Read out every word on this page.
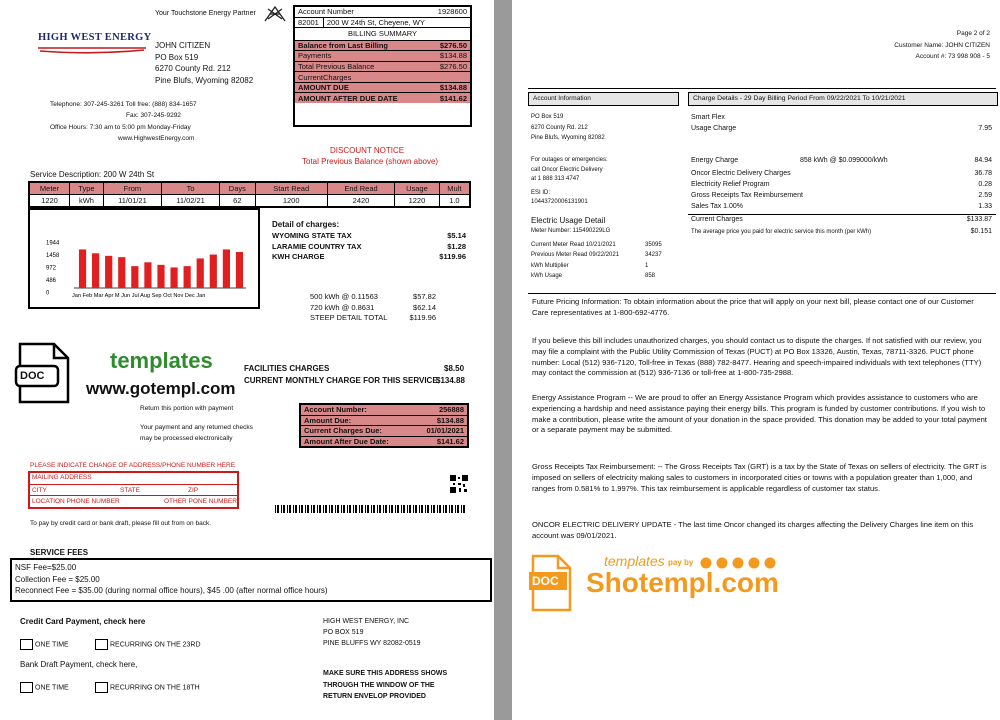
Your Touchstone Energy Partner
HIGH WEST ENERGY
JOHN CITIZEN
PO Box 519
6270 County Rd. 212
Pine Blufs, Wyoming 82082
Telephone: 307-245-3261 Toll free: (888) 834-1657
Fax: 307-245-9292
Office Hours: 7:30 am to 5:00 pm Monday-Friday
www.HighwestEnergy.com
Account Number	1928600
82001 200 W 24th St, Cheyene, WY	
BILLING SUMMARY	
Balance from Last Billing	$276.50
Payments	$134.88
Total Previous Balance	$276.50
CurrentCharges	
AMOUNT DUE	$134.88
AMOUNT AFTER DUE DATE	$141.62
DISCOUNT NOTICE
Total Previous Balance (shown above)
Service Description: 200 W 24th St
Meter	Type	From	To	Days	Start Read	End Read	Usage	Mult
1220	kWh	11/01/21	11/02/21	62	1200	2420	1220	1.0
1944
1458
972
486
0	Jan Feb Mar Apr M Jun Jul Aug Sep Oct Nov Dec Jan
Detail of charges:
WYOMING STATE TAX	$5.14
LARAMIE COUNTRY TAX	$1.28
KWH CHARGE	$119.96
500 kWh @ 0.11563	$57.82
720 kWh @ 0.8631	$62.14
STEEP DETAIL TOTAL	$119.96
DOC
templates
www.gotempl.com
FACILITIES CHARGES	$8.50
CURRENT MONTHLY CHARGE FOR THIS SERVICE
$134.88
Return this portion with payment
Your payment and any returned checks
may be processed electronically
Account Number:	256888
Amount Due:	$134.88
Current Charges Due:	01/01/2021
Amount After Due Date:	$141.62
PLEASE INDICATE CHANGE OF ADDRESS/PHONE NUMBER HERE
MAILING ADDRESS
CITY	STATE	ZIP
LOCATION PHONE NUMBER	OTHER PONE NUMBER
To pay by credit card or bank draft, please fill out from on back.
SERVICE FEES
NSF Fee=$25.00
Collection Fee = $25.00
Reconnect Fee = $35.00 (during normal office hours), $45 .00 (after normal office hours)
Credit Card Payment, check here
ONE TIME	RECURRING ON THE 23RD
Bank Draft Payment, check here,
ONE TIME	RECURRING ON THE 18TH
HIGH WEST ENERGY, INC
PO BOX 519
PINE BLUFFS WY 82082-0519
MAKE SURE THIS ADDRESS SHOWS
THROUGH THE WINDOW OF THE
RETURN ENVELOP PROVIDED
Page 2 of 2
Customer Name: JOHN CITIZEN
Account #: 73 998 908 - 5
Account Information
PO Box 519
6270 County Rd. 212
Pine Blufs, Wyoming 82082
For outages or emergencies:
call Oncor Electric Delivery
at 1 888 313 4747
ESI ID:
10443720006131901
Electric Usage Detail
Meter Number: 115490229LG
Current Meter Read 10/21/2021	35095
Previous Meter Read 09/22/2021	34237
kWh Multiplier	1
kWh Usage	858
Charge Details - 29 Day Billing Period From 09/22/2021 To 10/21/2021
Smart Flex
Usage Charge	7.95
Energy Charge	858 kWh @ $0.099000/kWh	84.94
Oncor Electric Delivery Charges	36.78
Electricity Relief Program	0.28
Gross Receipts Tax Reimbursement	2.59
Sales Tax 1.00%	1.33
Current Charges	$133.87
The average price you paid for electric service this month (per kWh)	$0.151
Future Pricing Information: To obtain information about the price that will apply on your next bill, please contact one of our Customer Care representatives at 1-800-692-4776.
If you believe this bill includes unauthorized charges, you should contact us to dispute the charges. If not satisfied with our review, you may file a complaint with the Public Utility Commission of Texas (PUCT) at PO Box 13326, Austin, Texas, 78711-3326. PUCT phone number: Local (512) 936-7120, Toll-free in Texas (888) 782-8477. Hearing and speech-impaired individuals with text telephones (TTY) may contact the commission at (512) 936-7136 or toll-free at 1-800-735-2988.
Energy Assistance Program -- We are proud to offer an Energy Assistance Program which provides assistance to customers who are experiencing a hardship and need assistance paying their energy bills. This program is funded by customer contributions. If you wish to make a contribution, please write the amount of your donation in the space provided. This donation may be added to your total payment or a separate payment may be submitted.
Gross Receipts Tax Reimbursement: -- The Gross Receipts Tax (GRT) is a tax by the State of Texas on sellers of electricity. The GRT is imposed on sellers of electricity making sales to customers in incorporated cities or towns with a population greater than 1,000, and ranges from 0.581% to 1.997%. This tax reimbursement is applicable regardless of customer tax status.
ONCOR ELECTRIC DELIVERY UPDATE - The last time Oncor changed its charges affecting the Delivery Charges line item on this account was 09/01/2021.
DOC
templates pay by
Shotempl.com
